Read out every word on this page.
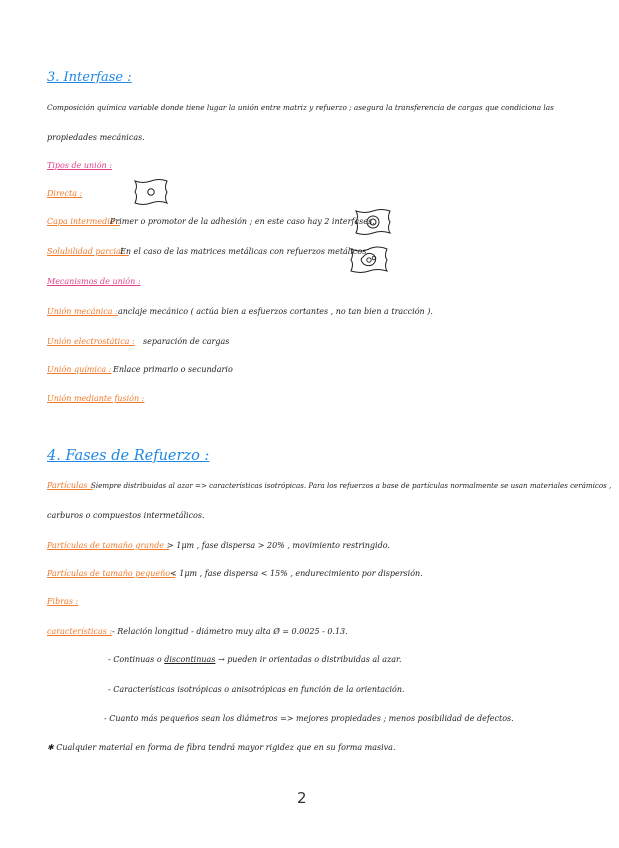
3. Interfase :
Composición química variable donde tiene lugar la unión entre matriz y refuerzo ; asegura la transferencia de cargas que condiciona las
propiedades mecánicas.
Tipos de unión :
Directa :
Capa intermedia :
Primer o promotor de la adhesión ; en este caso hay 2 interfases.
Solubilidad parcial :
En el caso de las matrices metálicas con refuerzos metálicos.
Mecanismos de unión :
Unión mecánica : anclaje mecánico ( actúa bien a esfuerzos cortantes , no tan bien a tracción ).
Unión electrostática : separación de cargas
Unión química : Enlace primario o secundario
Unión mediante fusión :
4. Fases de Refuerzo :
Partículas :
Siempre distribuidas al azar => características isotrópicas. Para los refuerzos a base de partículas normalmente se usan materiales cerámicos ,
carburos o compuestos intermetálicos.
Partículas de tamaño grande :
> 1μm , fase dispersa > 20% , movimiento restringido.
Partículas de tamaño pequeño :
< 1μm , fase dispersa < 15% , endurecimiento por dispersión.
Fibras :
características : - Relación longitud - diámetro muy alta Ø = 0.0025 - 0.13.
- Continuas o discontinuas → pueden ir orientadas o distribuidas al azar.
- Características isotrópicas o anisotrópicas en función de la orientación.
- Cuanto más pequeños sean los diámetros => mejores propiedades ; menos posibilidad de defectos.
✱ Cualquier material en forma de fibra tendrá mayor rigidez que en su forma masiva.
2
